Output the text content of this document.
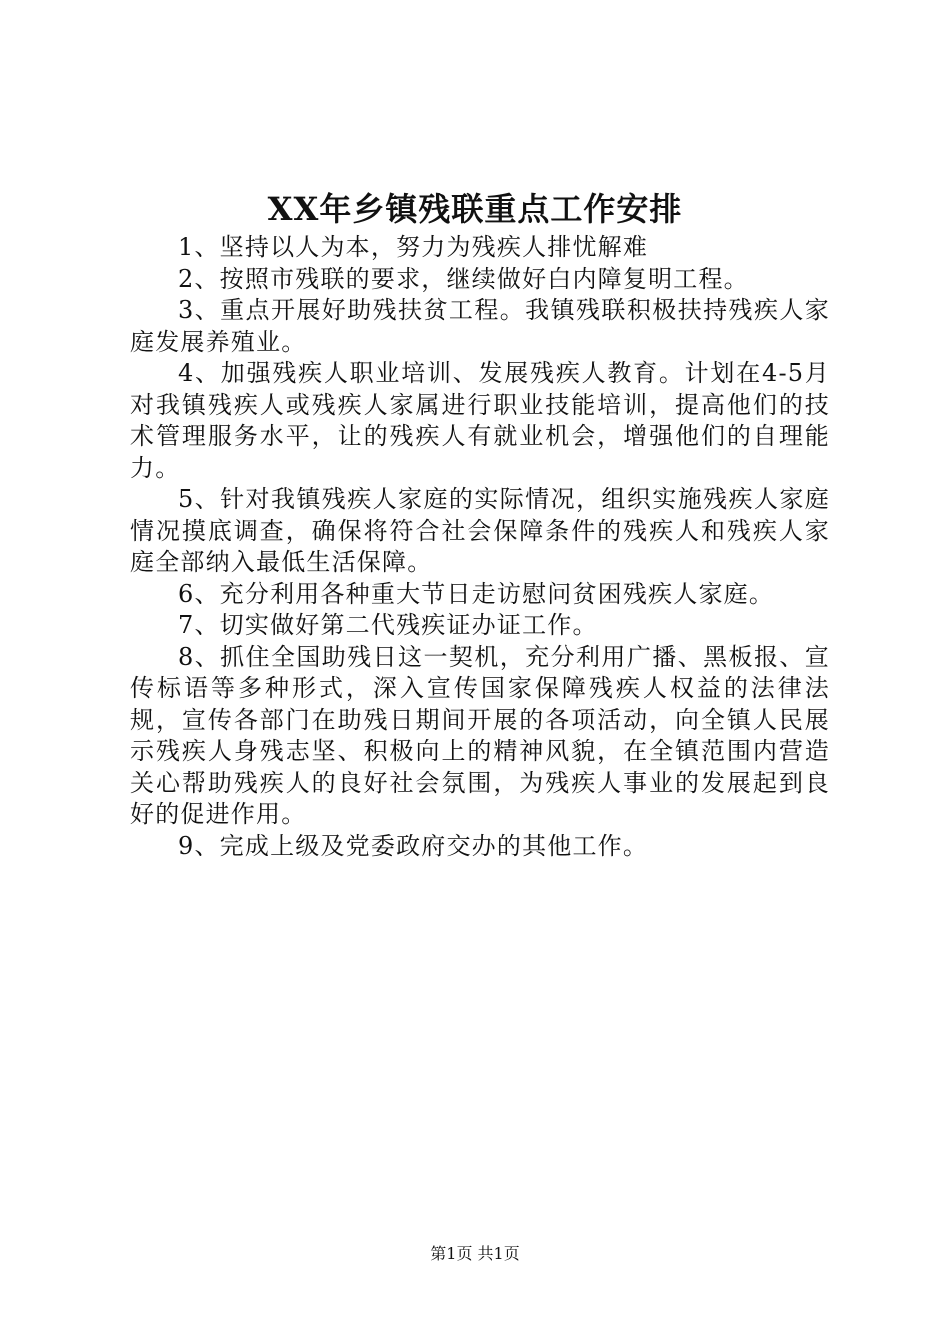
XX年乡镇残联重点工作安排

1、坚持以人为本，努力为残疾人排忧解难

2、按照市残联的要求，继续做好白内障复明工程。

3、重点开展好助残扶贫工程。我镇残联积极扶持残疾人家庭发展养殖业。

4、加强残疾人职业培训、发展残疾人教育。计划在4-5月对我镇残疾人或残疾人家属进行职业技能培训，提高他们的技术管理服务水平，让的残疾人有就业机会，增强他们的自理能力。

5、针对我镇残疾人家庭的实际情况，组织实施残疾人家庭情况摸底调查，确保将符合社会保障条件的残疾人和残疾人家庭全部纳入最低生活保障。

6、充分利用各种重大节日走访慰问贫困残疾人家庭。

7、切实做好第二代残疾证办证工作。

8、抓住全国助残日这一契机，充分利用广播、黑板报、宣传标语等多种形式，深入宣传国家保障残疾人权益的法律法规，宣传各部门在助残日期间开展的各项活动，向全镇人民展示残疾人身残志坚、积极向上的精神风貌，在全镇范围内营造关心帮助残疾人的良好社会氛围，为残疾人事业的发展起到良好的促进作用。

9、完成上级及党委政府交办的其他工作。

第1页 共1页
